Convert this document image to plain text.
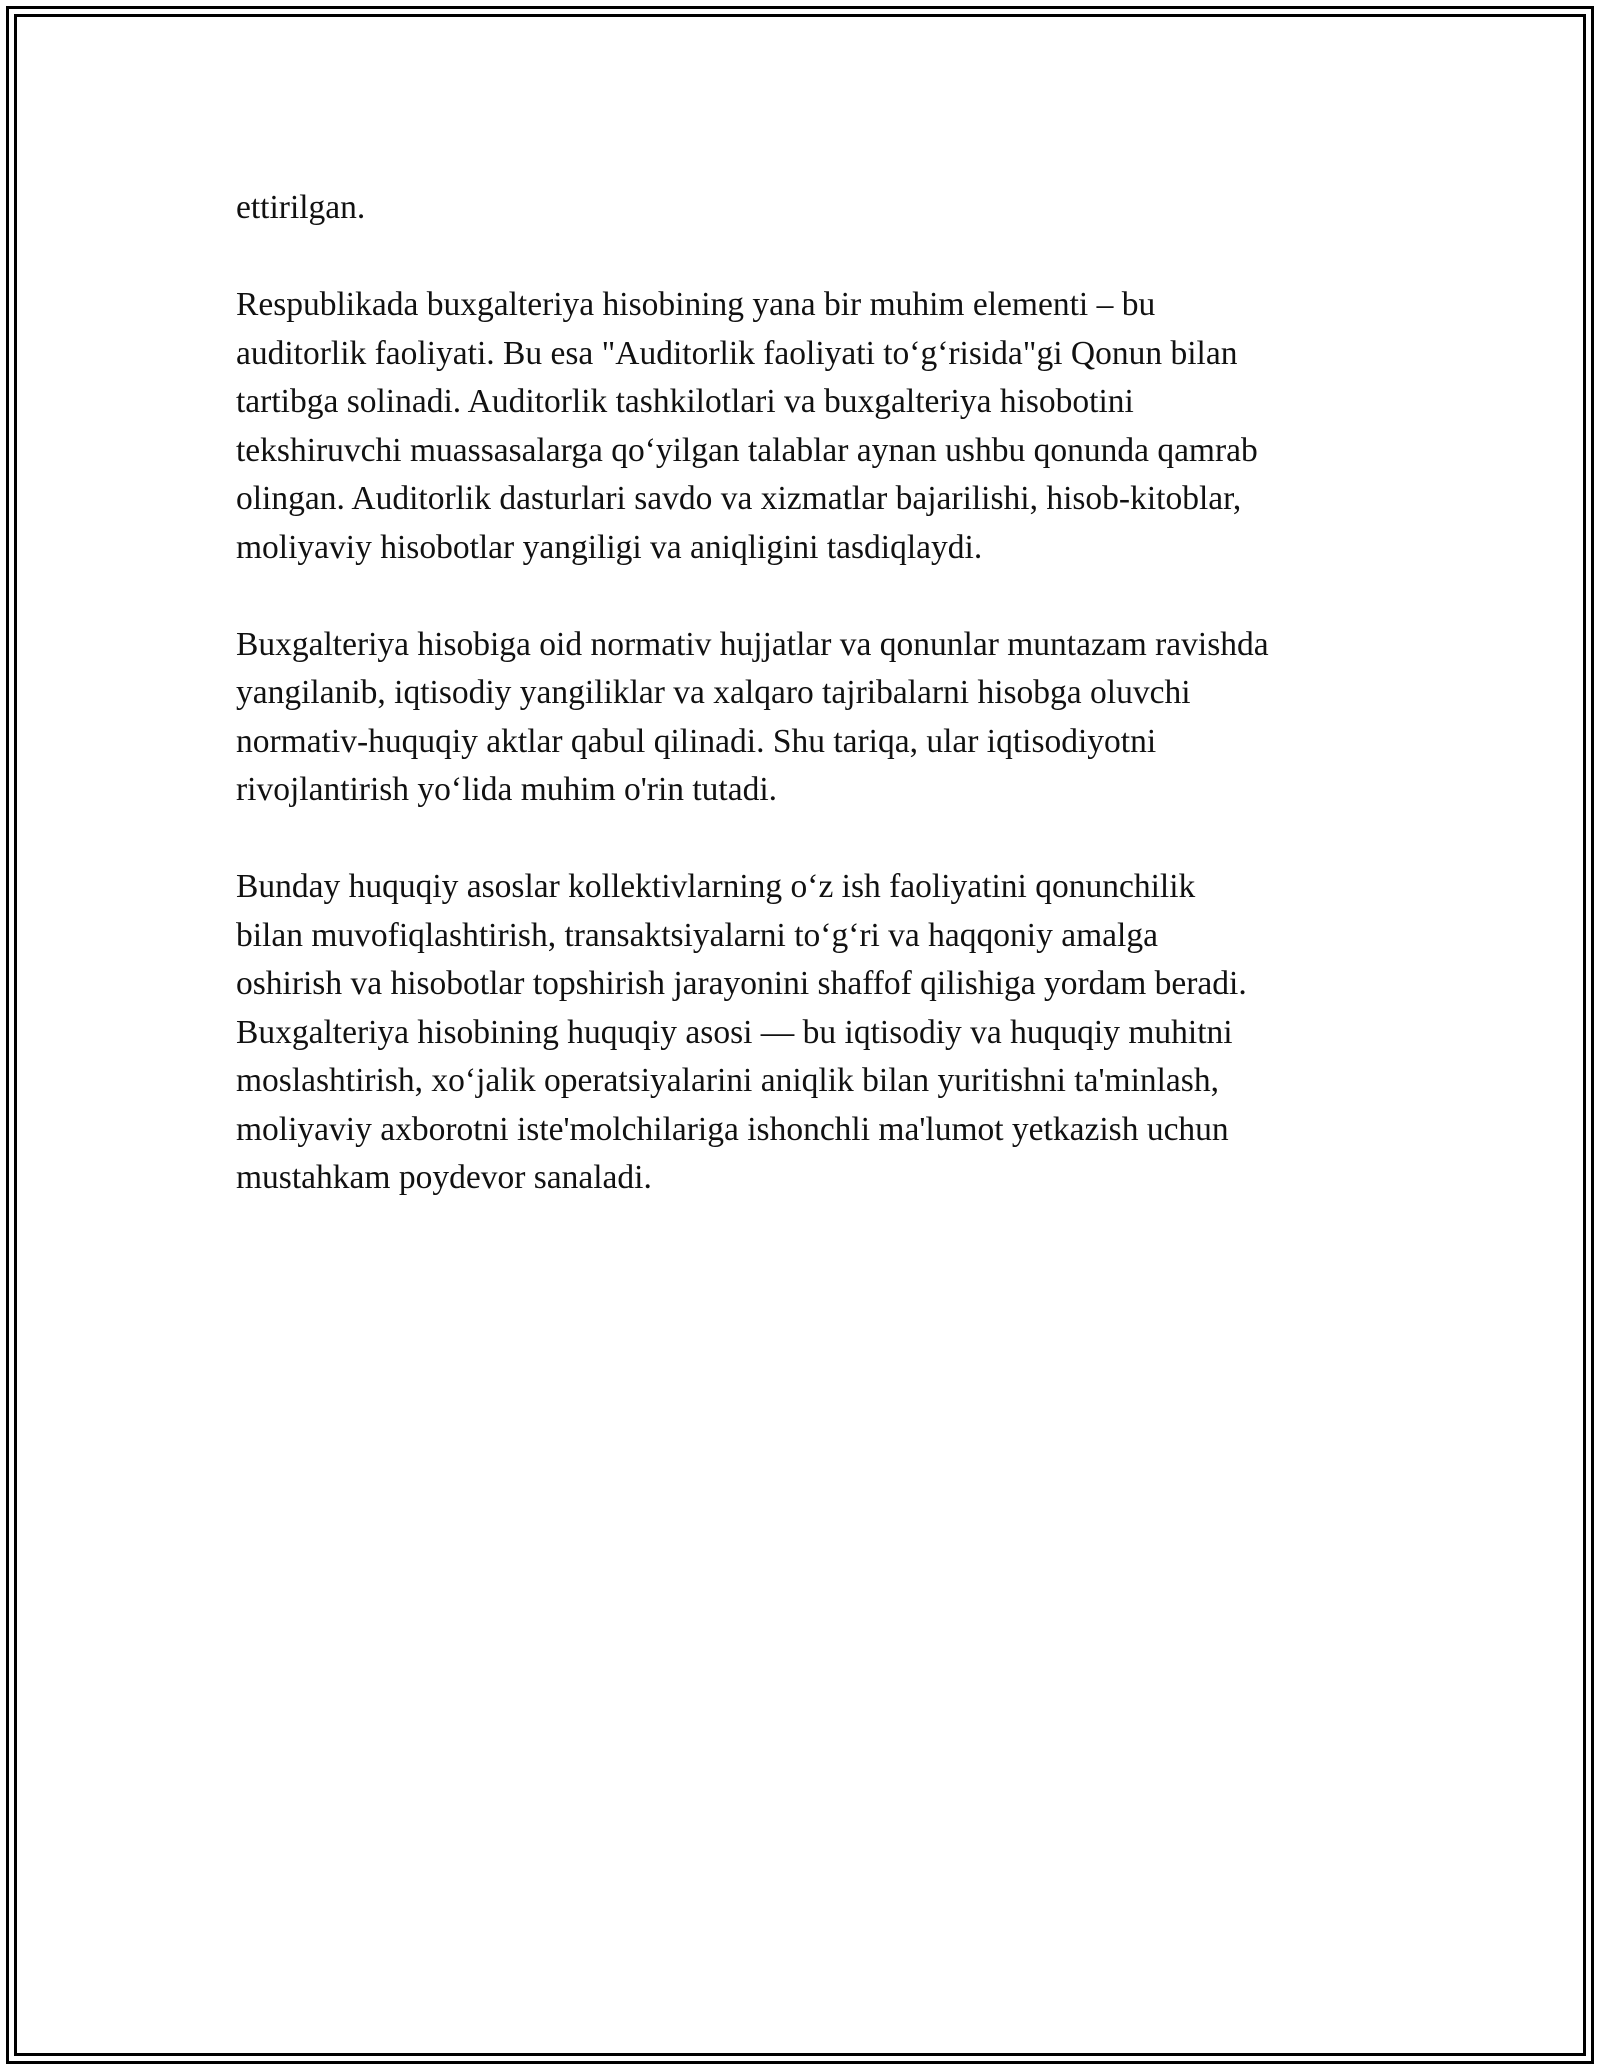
ettirilgan.

Respublikada buxgalteriya hisobining yana bir muhim elementi – bu
auditorlik faoliyati. Bu esa "Auditorlik faoliyati to‘g‘risida"gi Qonun bilan
tartibga solinadi. Auditorlik tashkilotlari va buxgalteriya hisobotini
tekshiruvchi muassasalarga qo‘yilgan talablar aynan ushbu qonunda qamrab
olingan. Auditorlik dasturlari savdo va xizmatlar bajarilishi, hisob-kitoblar,
moliyaviy hisobotlar yangiligi va aniqligini tasdiqlaydi.

Buxgalteriya hisobiga oid normativ hujjatlar va qonunlar muntazam ravishda
yangilanib, iqtisodiy yangiliklar va xalqaro tajribalarni hisobga oluvchi
normativ-huquqiy aktlar qabul qilinadi. Shu tariqa, ular iqtisodiyotni
rivojlantirish yo‘lida muhim o'rin tutadi.

Bunday huquqiy asoslar kollektivlarning o‘z ish faoliyatini qonunchilik
bilan muvofiqlashtirish, transaktsiyalarni to‘g‘ri va haqqoniy amalga
oshirish va hisobotlar topshirish jarayonini shaffof qilishiga yordam beradi.
Buxgalteriya hisobining huquqiy asosi — bu iqtisodiy va huquqiy muhitni
moslashtirish, xo‘jalik operatsiyalarini aniqlik bilan yuritishni ta'minlash,
moliyaviy axborotni iste'molchilariga ishonchli ma'lumot yetkazish uchun
mustahkam poydevor sanaladi.
